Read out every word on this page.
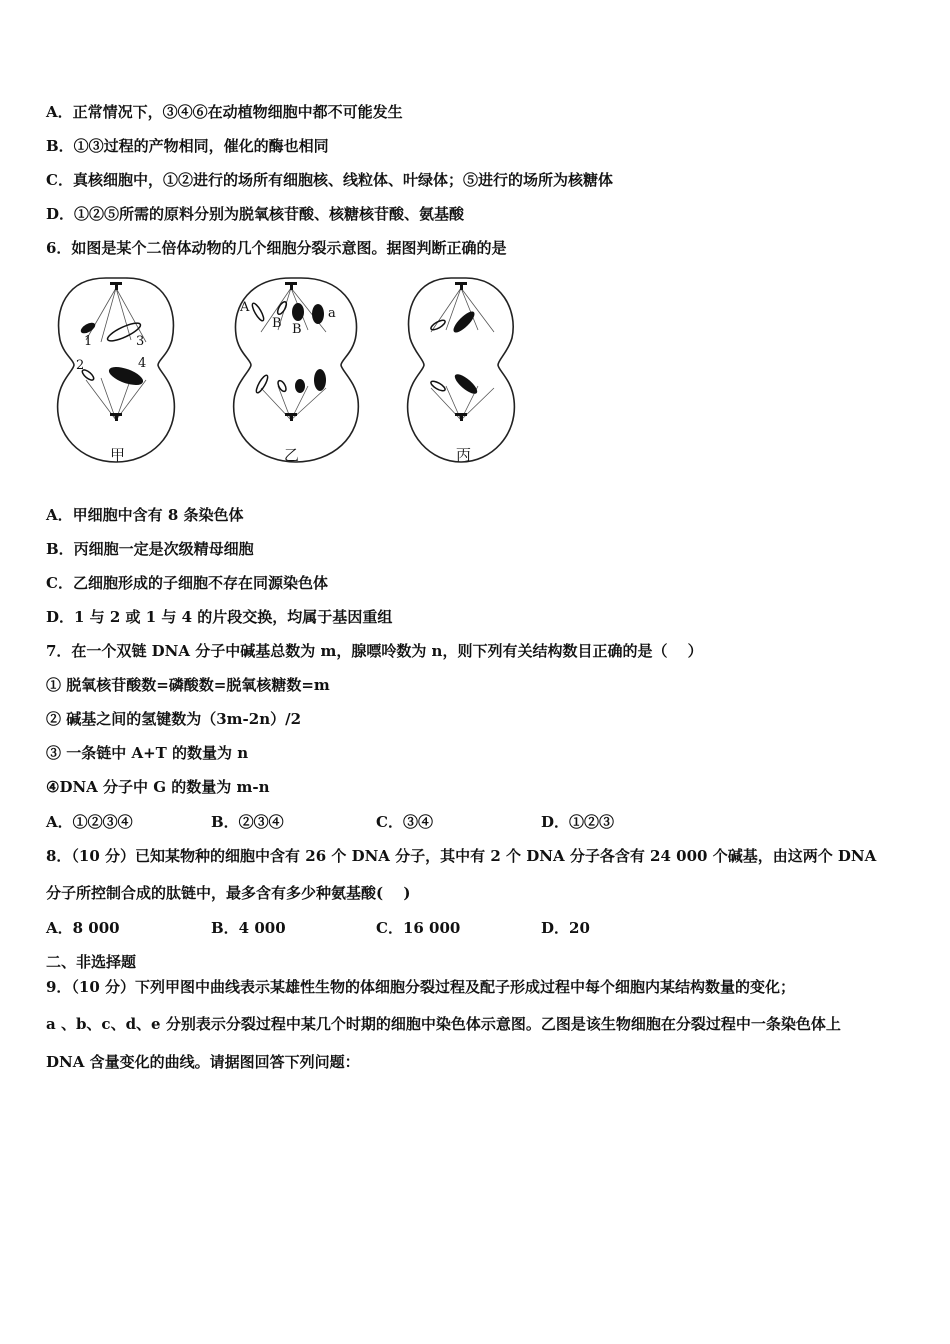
A．正常情况下，③④⑥在动植物细胞中都不可能发生
B．①③过程的产物相同，催化的酶也相同
C．真核细胞中，①②进行的场所有细胞核、线粒体、叶绿体；⑤进行的场所为核糖体
D．①②⑤所需的原料分别为脱氧核苷酸、核糖核苷酸、氨基酸
6．如图是某个二倍体动物的几个细胞分裂示意图。据图判断正确的是
1	3
2	4
A
B B
a
甲	乙	丙
A．甲细胞中含有 8 条染色体
B．丙细胞一定是次级精母细胞
C．乙细胞形成的子细胞不存在同源染色体
D．1 与 2 或 1 与 4 的片段交换，均属于基因重组
7．在一个双链 DNA 分子中碱基总数为 m，腺嘌呤数为 n，则下列有关结构数目正确的是（　 ）
① 脱氧核苷酸数=磷酸数=脱氧核糖数=m
② 碱基之间的氢键数为（3m-2n）/2
③ 一条链中 A+T 的数量为 n
④DNA 分子中 G 的数量为 m-n
A．①②③④	B．②③④	C．③④	D．①②③
8．（10 分）已知某物种的细胞中含有 26 个 DNA 分子，其中有 2 个 DNA 分子各含有 24 000 个碱基，由这两个 DNA
分子所控制合成的肽链中，最多含有多少种氨基酸(　 )
A．8 000	B．4 000	C．16 000	D．20
二、非选择题
9．（10 分）下列甲图中曲线表示某雄性生物的体细胞分裂过程及配子形成过程中每个细胞内某结构数量的变化；
a 、b、c、d、e 分别表示分裂过程中某几个时期的细胞中染色体示意图。乙图是该生物细胞在分裂过程中一条染色体上
DNA 含量变化的曲线。请据图回答下列问题：
